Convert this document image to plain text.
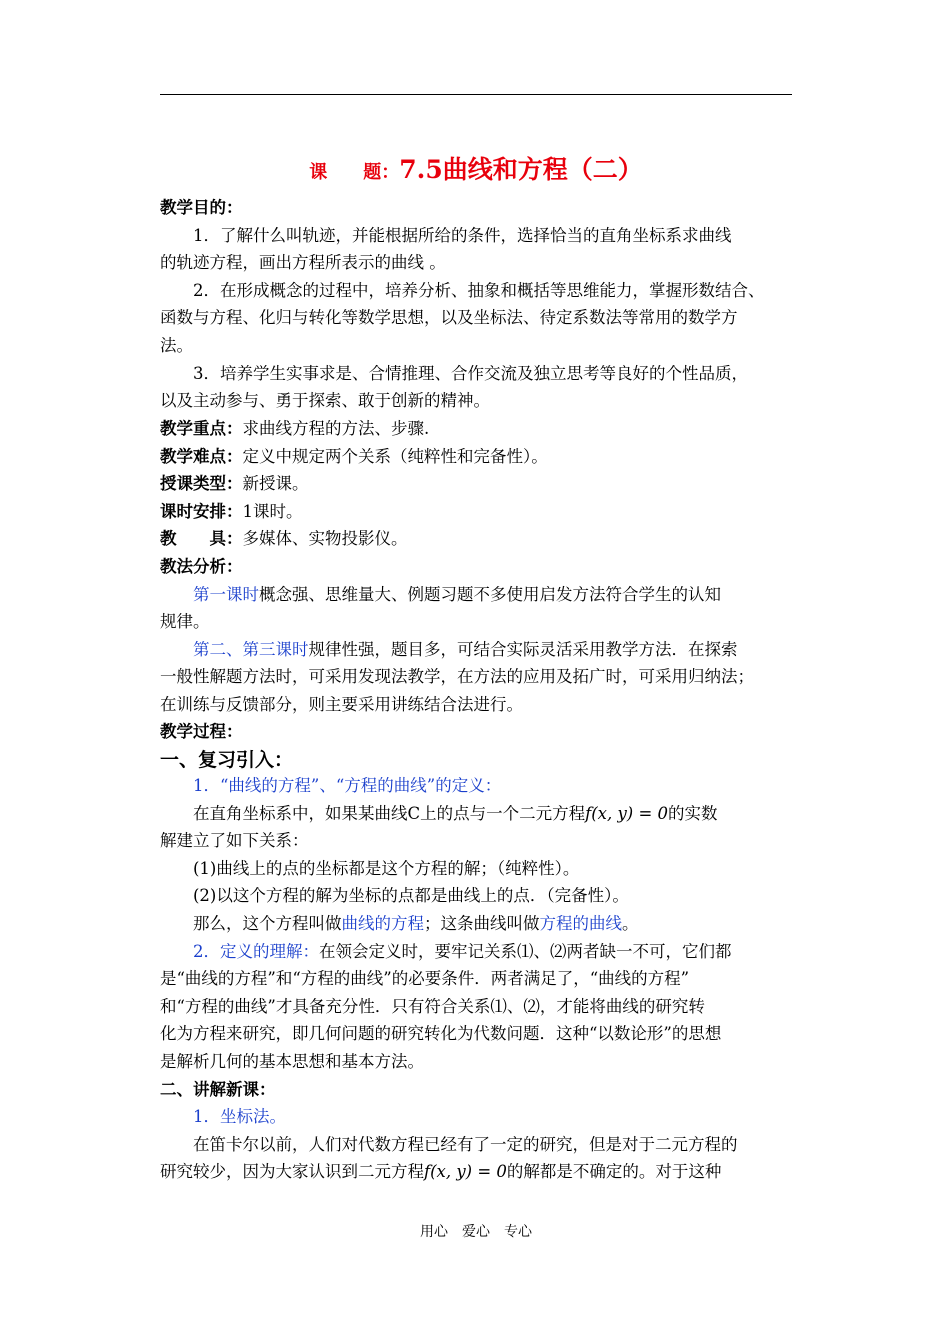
课　　题：7.5曲线和方程（二）
教学目的：
　　1．了解什么叫轨迹，并能根据所给的条件，选择恰当的直角坐标系求曲线
的轨迹方程，画出方程所表示的曲线 。
　　2．在形成概念的过程中，培养分析、抽象和概括等思维能力，掌握形数结合、
函数与方程、化归与转化等数学思想，以及坐标法、待定系数法等常用的数学方
法。
　　3．培养学生实事求是、合情推理、合作交流及独立思考等良好的个性品质，
以及主动参与、勇于探索、敢于创新的精神。
教学重点：求曲线方程的方法、步骤.
教学难点：定义中规定两个关系（纯粹性和完备性）。
授课类型：新授课。
课时安排：1课时。
教　　具：多媒体、实物投影仪。
教法分析：
　　第一课时概念强、思维量大、例题习题不多使用启发方法符合学生的认知
规律。
　　第二、第三课时规律性强，题目多，可结合实际灵活采用教学方法．在探索
一般性解题方法时，可采用发现法教学，在方法的应用及拓广时，可采用归纳法；
在训练与反馈部分，则主要采用讲练结合法进行。
教学过程：
一、复习引入：
　　1．“曲线的方程”、“方程的曲线”的定义：
　　在直角坐标系中，如果某曲线C上的点与一个二元方程f(x, y) = 0的实数
解建立了如下关系：
　　(1)曲线上的点的坐标都是这个方程的解；（纯粹性）。
　　(2)以这个方程的解为坐标的点都是曲线上的点．（完备性）。
　　那么，这个方程叫做曲线的方程；这条曲线叫做方程的曲线。
　　2．定义的理解：在领会定义时，要牢记关系⑴、⑵两者缺一不可，它们都
是“曲线的方程”和“方程的曲线”的必要条件．两者满足了，“曲线的方程”
和“方程的曲线”才具备充分性．只有符合关系⑴、⑵，才能将曲线的研究转
化为方程来研究，即几何问题的研究转化为代数问题．这种“以数论形”的思想
是解析几何的基本思想和基本方法。
二、讲解新课：
　　1．坐标法。
　　在笛卡尔以前，人们对代数方程已经有了一定的研究，但是对于二元方程的
研究较少，因为大家认识到二元方程f(x, y) = 0的解都是不确定的。对于这种
用心　爱心　专心
